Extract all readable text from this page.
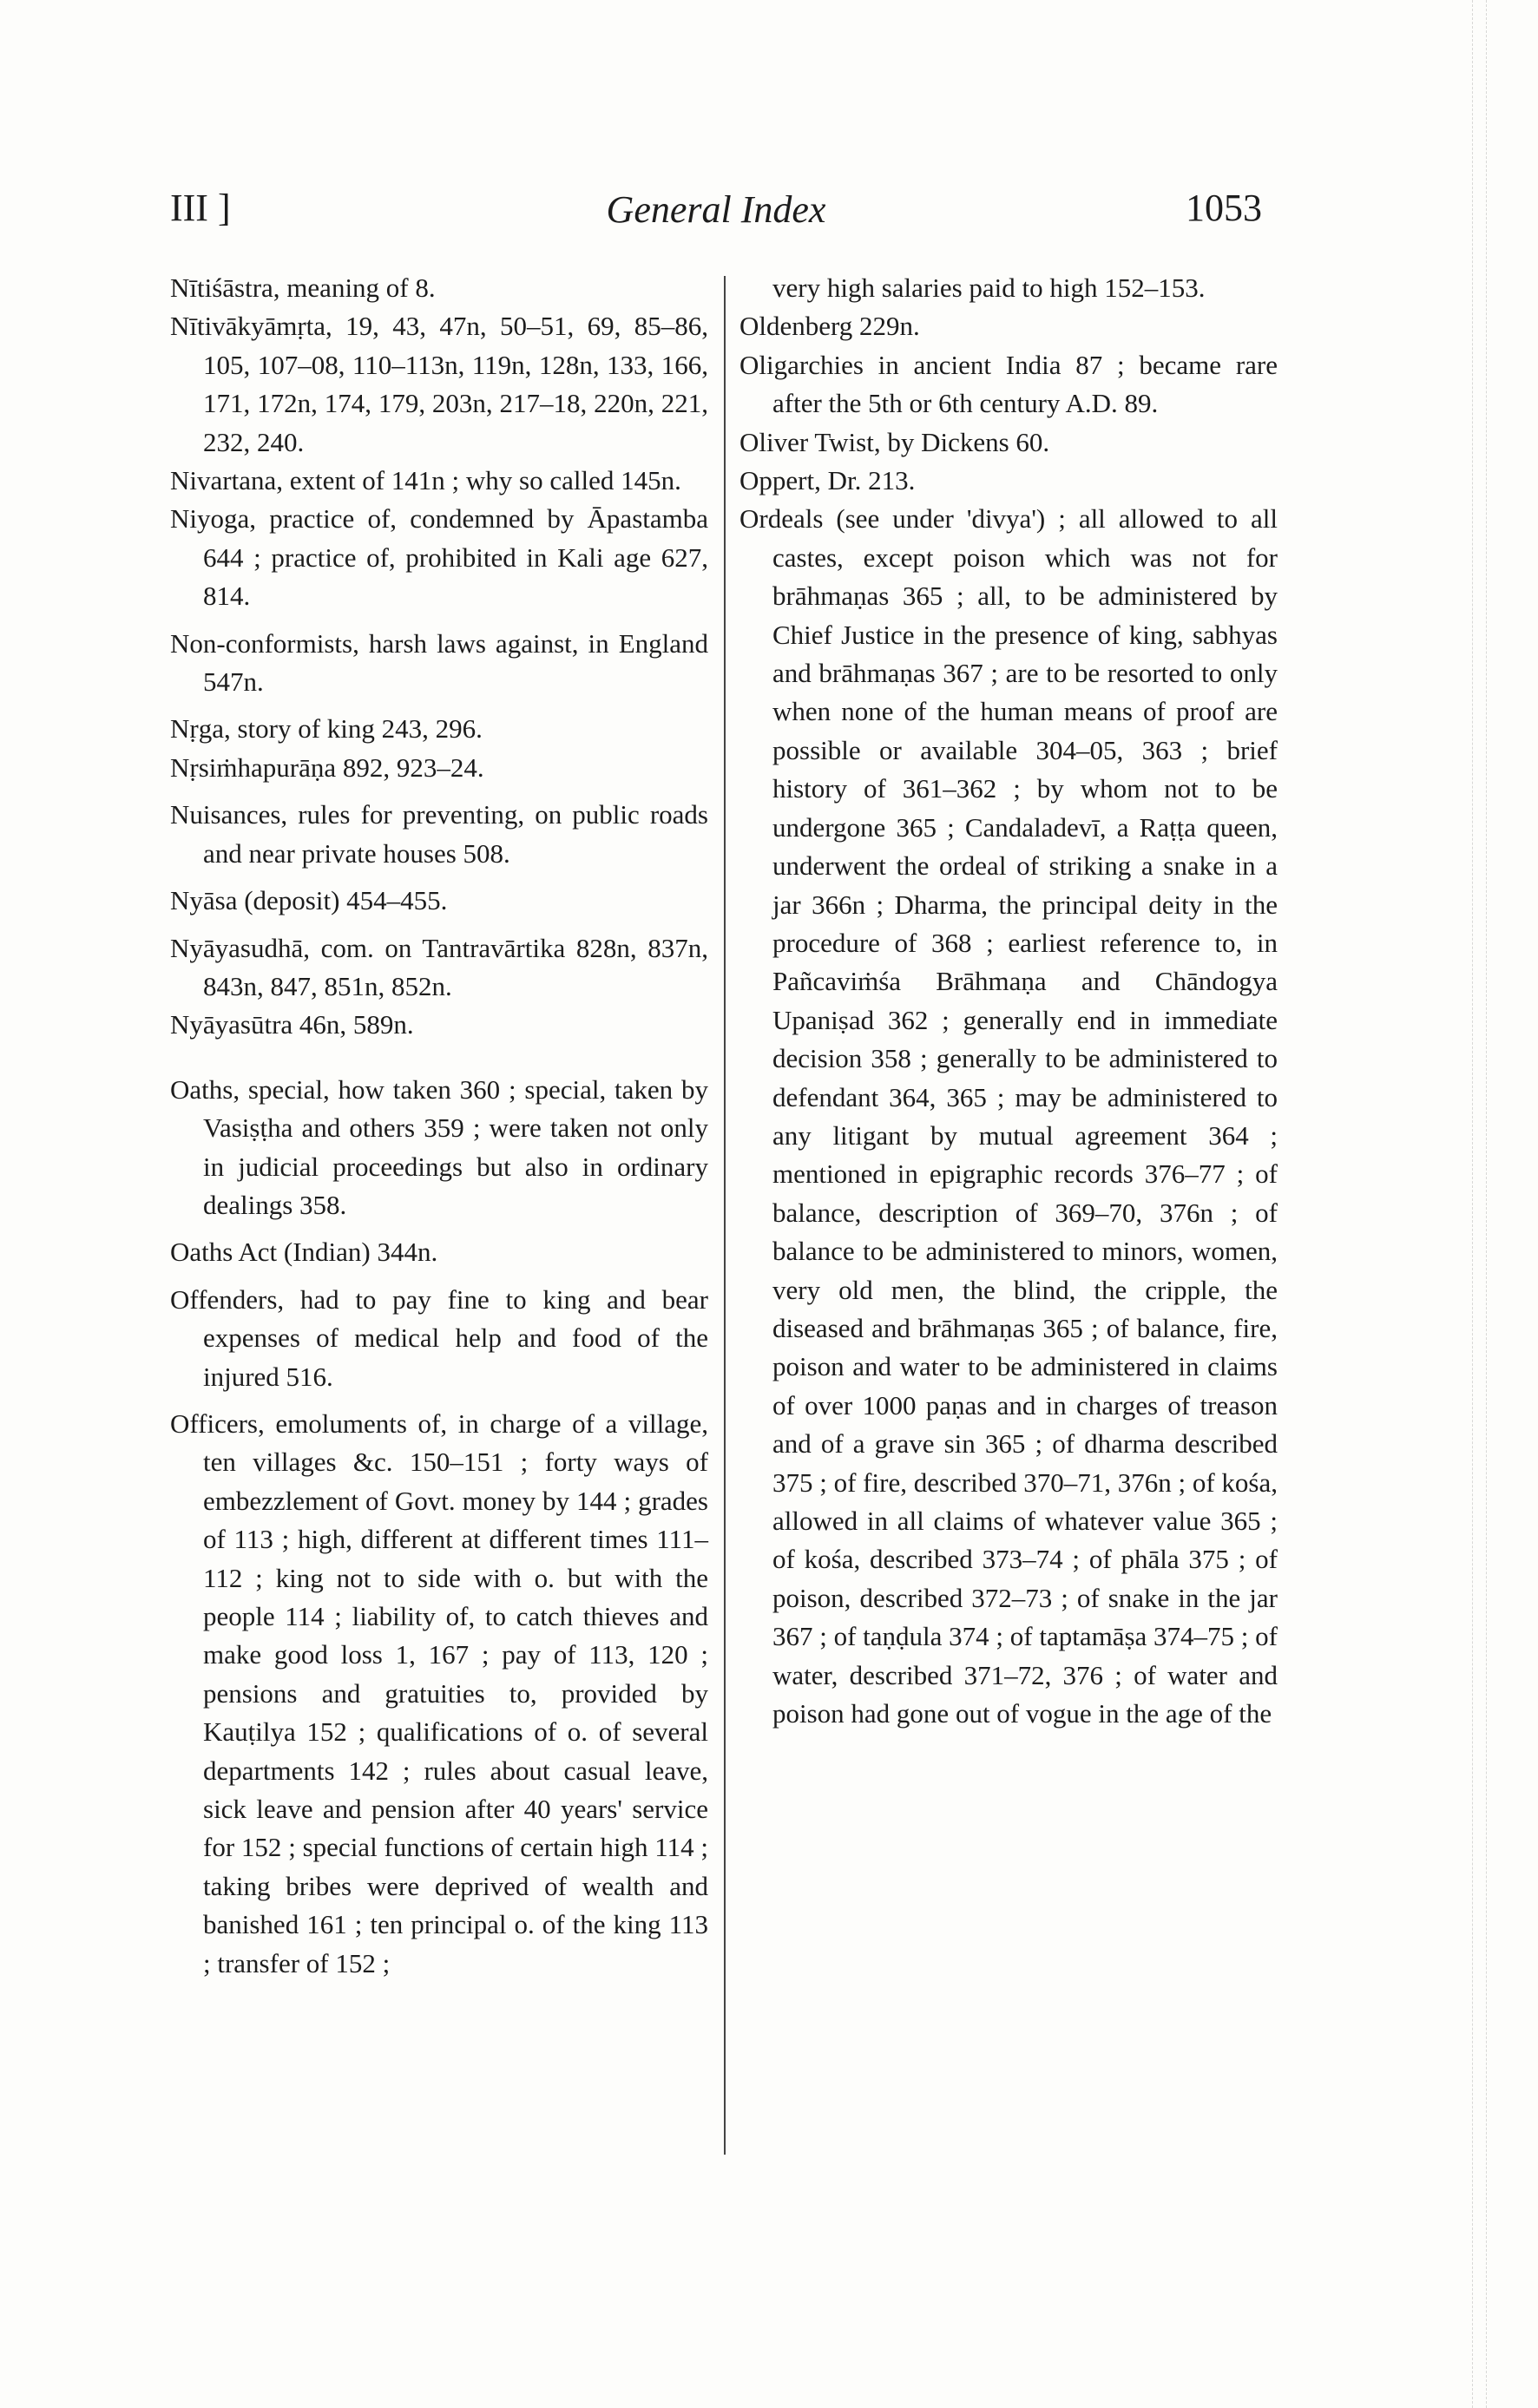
III ]	General Index	1053

Nītiśāstra, meaning of 8.

Nītivākyāmṛta, 19, 43, 47n, 50–51, 69, 85–86, 105, 107–08, 110–113n, 119n, 128n, 133, 166, 171, 172n, 174, 179, 203n, 217–18, 220n, 221, 232, 240.

Nivartana, extent of 141n ; why so called 145n.

Niyoga, practice of, condemned by Āpastamba 644 ; practice of, prohibited in Kali age 627, 814.

Non-conformists, harsh laws against, in England 547n.

Nṛga, story of king 243, 296.

Nṛsiṁhapurāṇa 892, 923–24.

Nuisances, rules for preventing, on public roads and near private houses 508.

Nyāsa (deposit) 454–455.

Nyāyasudhā, com. on Tantravārtika 828n, 837n, 843n, 847, 851n, 852n.

Nyāyasūtra 46n, 589n.

Oaths, special, how taken 360 ; special, taken by Vasiṣṭha and others 359 ; were taken not only in judicial proceedings but also in ordinary dealings 358.

Oaths Act (Indian) 344n.

Offenders, had to pay fine to king and bear expenses of medical help and food of the injured 516.

Officers, emoluments of, in charge of a village, ten villages &c. 150–151 ; forty ways of embezzlement of Govt. money by 144 ; grades of 113 ; high, different at different times 111–112 ; king not to side with o. but with the people 114 ; liability of, to catch thieves and make good loss 1, 167 ; pay of 113, 120 ; pensions and gratuities to, provided by Kauṭilya 152 ; qualifications of o. of several departments 142 ; rules about casual leave, sick leave and pension after 40 years' service for 152 ; special functions of certain high 114 ; taking bribes were deprived of wealth and banished 161 ; ten principal o. of the king 113 ; transfer of 152 ;

very high salaries paid to high 152–153.

Oldenberg 229n.

Oligarchies in ancient India 87 ; became rare after the 5th or 6th century A.D. 89.

Oliver Twist, by Dickens 60.

Oppert, Dr. 213.

Ordeals (see under 'divya') ; all allowed to all castes, except poison which was not for brāhmaṇas 365 ; all, to be administered by Chief Justice in the presence of king, sabhyas and brāhmaṇas 367 ; are to be resorted to only when none of the human means of proof are possible or available 304–05, 363 ; brief history of 361–362 ; by whom not to be undergone 365 ; Candaladevī, a Raṭṭa queen, underwent the ordeal of striking a snake in a jar 366n ; Dharma, the principal deity in the procedure of 368 ; earliest reference to, in Pañcaviṁśa Brāhmaṇa and Chāndogya Upaniṣad 362 ; generally end in immediate decision 358 ; generally to be administered to defendant 364, 365 ; may be administered to any litigant by mutual agreement 364 ; mentioned in epigraphic records 376–77 ; of balance, description of 369–70, 376n ; of balance to be administered to minors, women, very old men, the blind, the cripple, the diseased and brāhmaṇas 365 ; of balance, fire, poison and water to be administered in claims of over 1000 paṇas and in charges of treason and of a grave sin 365 ; of dharma described 375 ; of fire, described 370–71, 376n ; of kośa, allowed in all claims of whatever value 365 ; of kośa, described 373–74 ; of phāla 375 ; of poison, described 372–73 ; of snake in the jar 367 ; of taṇḍula 374 ; of taptamāṣa 374–75 ; of water, described 371–72, 376 ; of water and poison had gone out of vogue in the age of the
